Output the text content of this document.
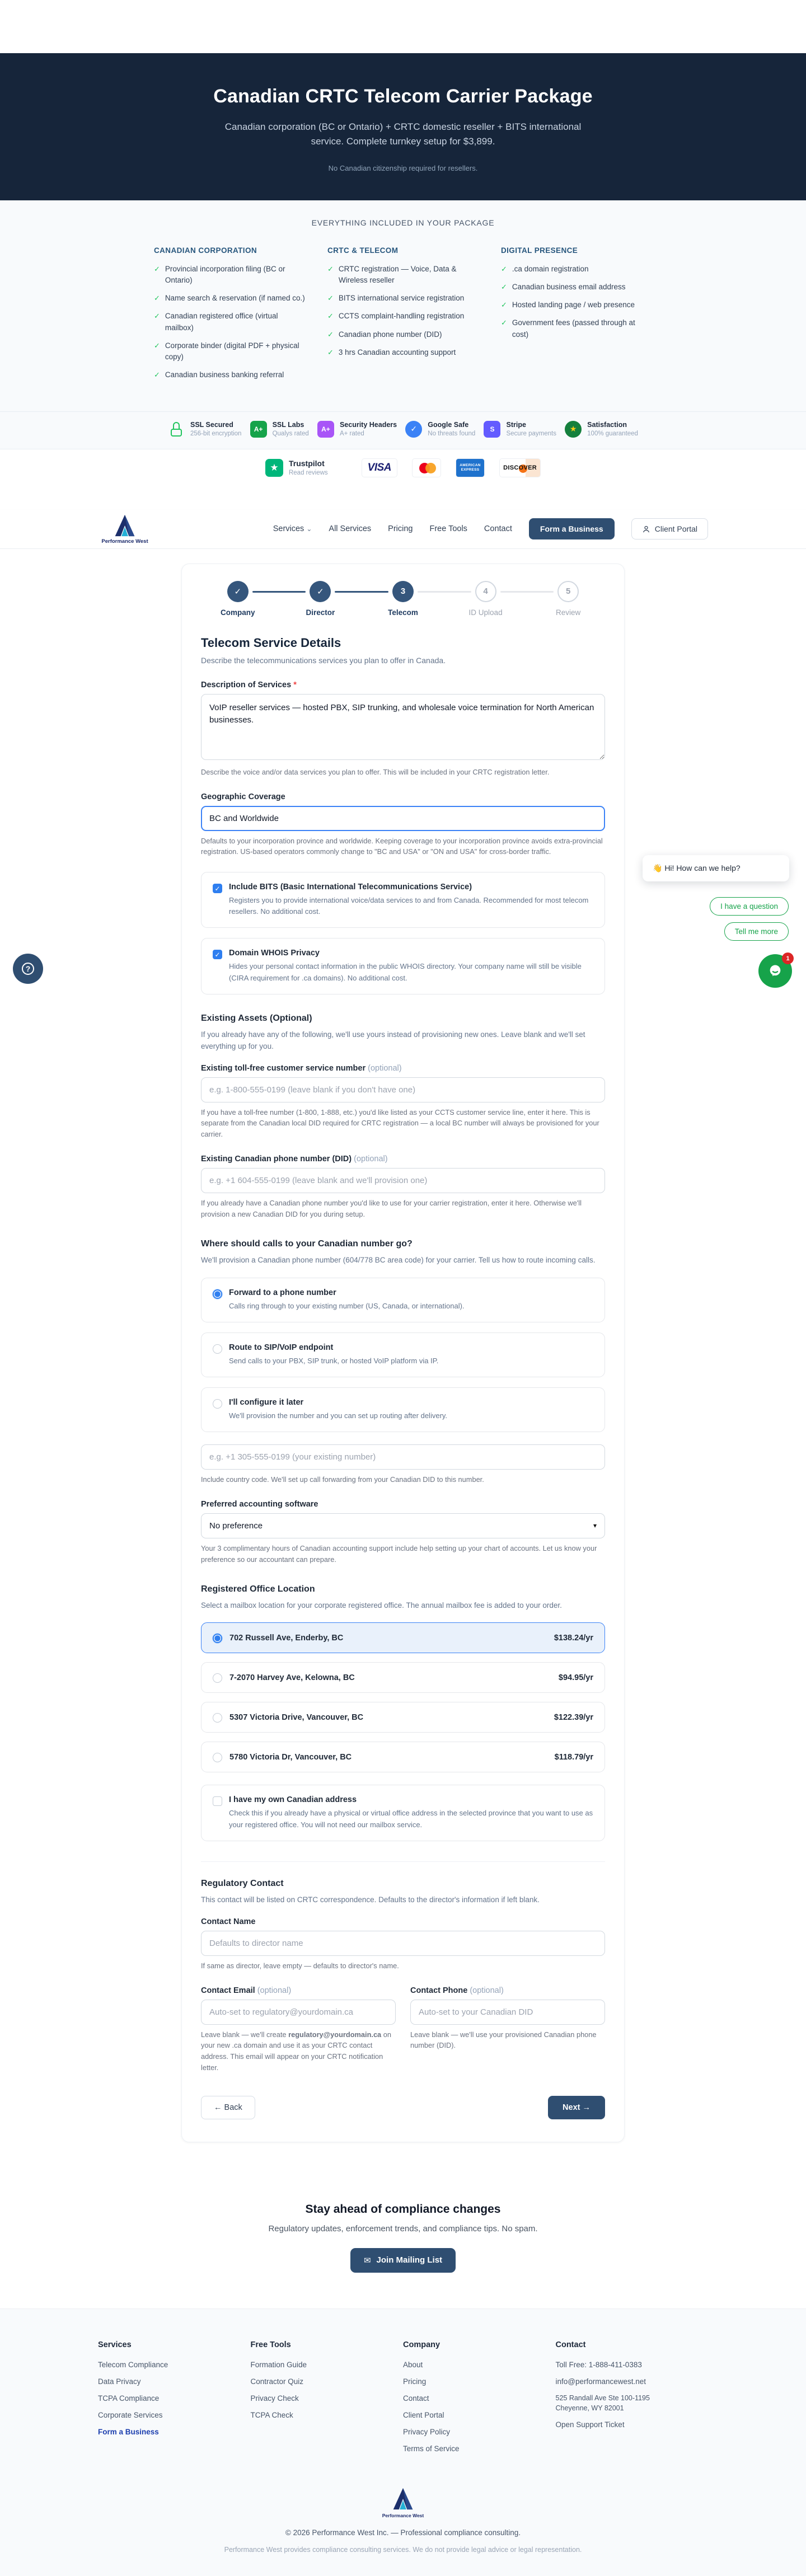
Canadian CRTC Telecom Carrier Package

Canadian corporation (BC or Ontario) + CRTC domestic reseller + BITS international service. Complete turnkey setup for $3,899.

No Canadian citizenship required for resellers.

EVERYTHING INCLUDED IN YOUR PACKAGE
CANADIAN CORPORATION
✓ Provincial incorporation filing (BC or Ontario)
✓ Name search & reservation (if named co.)
✓ Canadian registered office (virtual mailbox)
✓ Corporate binder (digital PDF + physical copy)
✓ Canadian business banking referral
CRTC & TELECOM
✓ CRTC registration — Voice, Data & Wireless reseller
✓ BITS international service registration
✓ CCTS complaint-handling registration
✓ Canadian phone number (DID)
✓ 3 hrs Canadian accounting support
DIGITAL PRESENCE
✓ .ca domain registration
✓ Canadian business email address
✓ Hosted landing page / web presence
✓ Government fees (passed through at cost)
SSL Secured
256-bit encryption
A+
SSL Labs
Qualys rated
A+
Security Headers
A+ rated
✓	Google Safe
No threats found
S
Stripe
Secure payments
★	Satisfaction
100% guaranteed
★	Trustpilot
Read reviews	VISA	AMERICAN
EXPRESS	DISCOVER
Performance West
Services ⌄ All Services Pricing Free Tools Contact	Form a Business	Client Portal
✓
Company
✓
Director
3
Telecom
4
ID Upload
5
Review
Telecom Service Details
Describe the telecommunications services you plan to offer in Canada.
Description of Services *
VoIP reseller services — hosted PBX, SIP trunking, and wholesale voice termination for North American businesses.
Describe the voice and/or data services you plan to offer. This will be included in your CRTC registration letter.
Geographic Coverage
BC and Worldwide
Defaults to your incorporation province and worldwide. Keeping coverage to your incorporation province avoids extra-provincial registration. US-based operators commonly change to "BC and USA" or "ON and USA" for cross-border traffic.
✓ Include BITS (Basic International Telecommunications Service)
Registers you to provide international voice/data services to and from Canada. Recommended for most telecom resellers. No additional cost.
✓ Domain WHOIS Privacy
Hides your personal contact information in the public WHOIS directory. Your company name will still be visible (CIRA requirement for .ca domains). No additional cost.
Existing Assets (Optional)
If you already have any of the following, we'll use yours instead of provisioning new ones. Leave blank and we'll set everything up for you.
Existing toll-free customer service number (optional)
e.g. 1-800-555-0199 (leave blank if you don't have one)
If you have a toll-free number (1-800, 1-888, etc.) you'd like listed as your CCTS customer service line, enter it here. This is separate from the Canadian local DID required for CRTC registration — a local BC number will always be provisioned for your carrier.
Existing Canadian phone number (DID) (optional)
e.g. +1 604-555-0199 (leave blank and we'll provision one)
If you already have a Canadian phone number you'd like to use for your carrier registration, enter it here. Otherwise we'll provision a new Canadian DID for you during setup.
Where should calls to your Canadian number go?
We'll provision a Canadian phone number (604/778 BC area code) for your carrier. Tell us how to route incoming calls.
Forward to a phone number
Calls ring through to your existing number (US, Canada, or international).
Route to SIP/VoIP endpoint
Send calls to your PBX, SIP trunk, or hosted VoIP platform via IP.
I'll configure it later
We'll provision the number and you can set up routing after delivery.
e.g. +1 305-555-0199 (your existing number)
Include country code. We'll set up call forwarding from your Canadian DID to this number.
Preferred accounting software
No preference	▾
Your 3 complimentary hours of Canadian accounting support include help setting up your chart of accounts. Let us know your preference so our accountant can prepare.
Registered Office Location
Select a mailbox location for your corporate registered office. The annual mailbox fee is added to your order.
702 Russell Ave, Enderby, BC	$138.24/yr
7-2070 Harvey Ave, Kelowna, BC	$94.95/yr
5307 Victoria Drive, Vancouver, BC	$122.39/yr
5780 Victoria Dr, Vancouver, BC	$118.79/yr
I have my own Canadian address
Check this if you already have a physical or virtual office address in the selected province that you want to use as your registered office. You will not need our mailbox service.
Regulatory Contact
This contact will be listed on CRTC correspondence. Defaults to the director's information if left blank.
Contact Name
Defaults to director name
If same as director, leave empty — defaults to director's name.
Contact Email (optional)
Auto-set to regulatory@yourdomain.ca
Leave blank — we'll create regulatory@yourdomain.ca on your new .ca domain and use it as your CRTC contact address. This email will appear on your CRTC notification letter.
Contact Phone (optional)
Auto-set to your Canadian DID
Leave blank — we'll use your provisioned Canadian phone number (DID).
← Back	Next →
Stay ahead of compliance changes

Regulatory updates, enforcement trends, and compliance tips. No spam.

✉ Join Mailing List
Services
Telecom Compliance
Data Privacy
TCPA Compliance
Corporate Services
Form a Business
Free Tools
Formation Guide
Contractor Quiz
Privacy Check
TCPA Check
Company
About
Pricing
Contact
Client Portal
Privacy Policy
Terms of Service
Contact
Toll Free: 1-888-411-0383
info@performancewest.net
525 Randall Ave Ste 100-1195
Cheyenne, WY 82001
Open Support Ticket
Performance West
© 2026 Performance West Inc. — Professional compliance consulting.
Performance West provides compliance consulting services. We do not provide legal advice or legal representation.
👋 Hi! How can we help?
I have a question
Tell me more
1
?
